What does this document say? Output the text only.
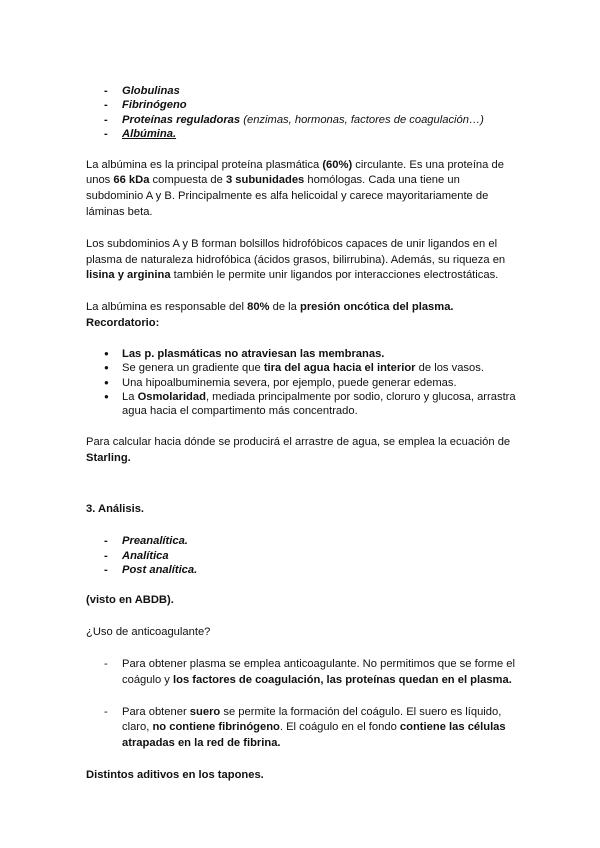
- Globulinas
- Fibrinógeno
- Proteínas reguladoras (enzimas, hormonas, factores de coagulación…)
- Albúmina.

La albúmina es la principal proteína plasmática (60%) circulante. Es una proteína de unos 66 kDa compuesta de 3 subunidades homólogas. Cada una tiene un subdominio A y B. Principalmente es alfa helicoidal y carece mayoritariamente de láminas beta.

Los subdominios A y B forman bolsillos hidrofóbicos capaces de unir ligandos en el plasma de naturaleza hidrofóbica (ácidos grasos, bilirrubina). Además, su riqueza en lisina y arginina también le permite unir ligandos por interacciones electrostáticas.

La albúmina es responsable del 80% de la presión oncótica del plasma.
Recordatorio:

● Las p. plasmáticas no atraviesan las membranas.
● Se genera un gradiente que tira del agua hacia el interior de los vasos.
● Una hipoalbuminemia severa, por ejemplo, puede generar edemas.
● La Osmolaridad, mediada principalmente por sodio, cloruro y glucosa, arrastra agua hacia el compartimento más concentrado.

Para calcular hacia dónde se producirá el arrastre de agua, se emplea la ecuación de Starling.

3. Análisis.

- Preanalítica.
- Analítica
- Post analítica.

(visto en ABDB).

¿Uso de anticoagulante?

- Para obtener plasma se emplea anticoagulante. No permitimos que se forme el coágulo y los factores de coagulación, las proteínas quedan en el plasma.
- Para obtener suero se permite la formación del coágulo. El suero es líquido, claro, no contiene fibrinógeno. El coágulo en el fondo contiene las células atrapadas en la red de fibrina.

Distintos aditivos en los tapones.
